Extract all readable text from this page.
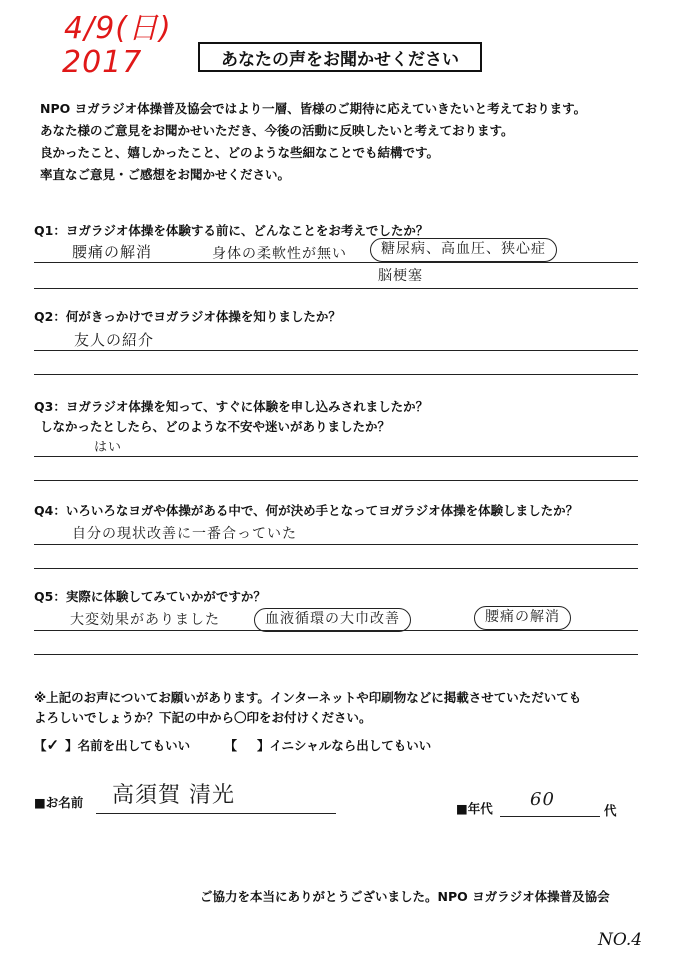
4/9(日)
2017	あなたの声をお聞かせください
NPO ヨガラジオ体操普及協会ではより一層、皆様のご期待に応えていきたいと考えております。
あなた様のご意見をお聞かせいただき、今後の活動に反映したいと考えております。
良かったこと、嬉しかったこと、どのような些細なことでも結構です。
率直なご意見・ご感想をお聞かせください。
Q1：ヨガラジオ体操を体験する前に、どんなことをお考えでしたか？
腰痛の解消	身体の柔軟性が無い	糖尿病、高血圧、狭心症
脳梗塞
Q2：何がきっかけでヨガラジオ体操を知りましたか？
友人の紹介
Q3：ヨガラジオ体操を知って、すぐに体験を申し込みされましたか？
しなかったとしたら、どのような不安や迷いがありましたか？
はい
Q4：いろいろなヨガや体操がある中で、何が決め手となってヨガラジオ体操を体験しましたか？
自分の現状改善に一番合っていた
Q5：実際に体験してみていかがですか？
大変効果がありました	血液循環の大巾改善	腰痛の解消
※上記のお声についてお願いがあります。インターネットや印刷物などに掲載させていただいても
よろしいでしょうか？下記の中から〇印をお付けください。
【✓ 】名前を出してもいい	【 】イニシャルなら出してもいい
■お名前 高須賀 清光
■年代 60
代
ご協力を本当にありがとうございました。NPO ヨガラジオ体操普及協会
NO.4
